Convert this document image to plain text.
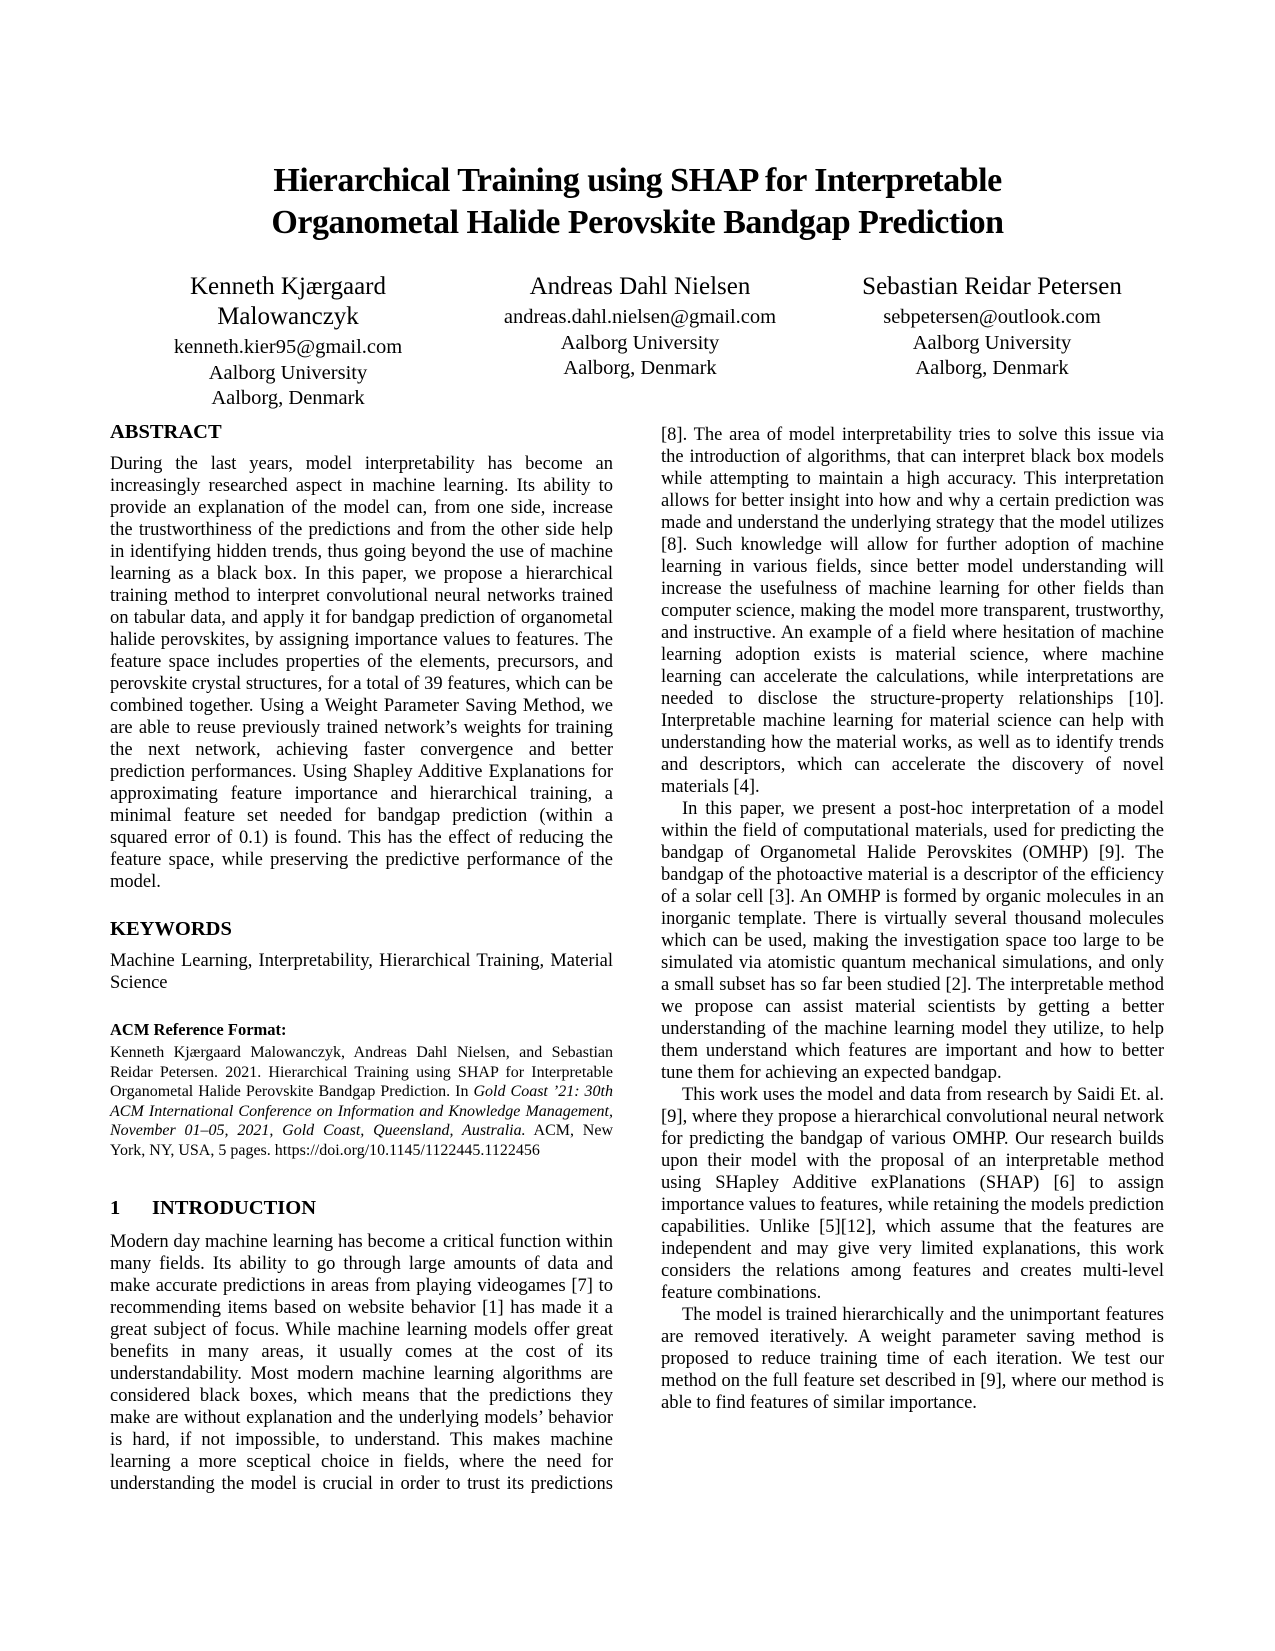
Hierarchical Training using SHAP for Interpretable
Organometal Halide Perovskite Bandgap Prediction
Kenneth Kjærgaard Malowanczyk
kenneth.kier95@gmail.com
Aalborg University
Aalborg, Denmark
Andreas Dahl Nielsen
andreas.dahl.nielsen@gmail.com
Aalborg University
Aalborg, Denmark
Sebastian Reidar Petersen
sebpetersen@outlook.com
Aalborg University
Aalborg, Denmark
ABSTRACT

During the last years, model interpretability has become an increasingly researched aspect in machine learning. Its ability to provide an explanation of the model can, from one side, increase the trustworthiness of the predictions and from the other side help in identifying hidden trends, thus going beyond the use of machine learning as a black box. In this paper, we propose a hierarchical training method to interpret convolutional neural networks trained on tabular data, and apply it for bandgap prediction of organometal halide perovskites, by assigning importance values to features. The feature space includes properties of the elements, precursors, and perovskite crystal structures, for a total of 39 features, which can be combined together. Using a Weight Parameter Saving Method, we are able to reuse previously trained network’s weights for training the next network, achieving faster convergence and better prediction performances. Using Shapley Additive Explanations for approximating feature importance and hierarchical training, a minimal feature set needed for bandgap prediction (within a squared error of 0.1) is found. This has the effect of reducing the feature space, while preserving the predictive performance of the model.

KEYWORDS

Machine Learning, Interpretability, Hierarchical Training, Material Science

ACM Reference Format:

Kenneth Kjærgaard Malowanczyk, Andreas Dahl Nielsen, and Sebastian Reidar Petersen. 2021. Hierarchical Training using SHAP for Interpretable Organometal Halide Perovskite Bandgap Prediction. In Gold Coast ’21: 30th ACM International Conference on Information and Knowledge Management, November 01–05, 2021, Gold Coast, Queensland, Australia. ACM, New York, NY, USA, 5 pages. https://doi.org/10.1145/1122445.1122456

1 INTRODUCTION

Modern day machine learning has become a critical function within many fields. Its ability to go through large amounts of data and make accurate predictions in areas from playing videogames [7] to recommending items based on website behavior [1] has made it a great subject of focus. While machine learning models offer great benefits in many areas, it usually comes at the cost of its understandability. Most modern machine learning algorithms are considered black boxes, which means that the predictions they make are without explanation and the underlying models’ behavior is hard, if not impossible, to understand. This makes machine learning a more sceptical choice in fields, where the need for understanding the model is crucial in order to trust its predictions

[8]. The area of model interpretability tries to solve this issue via the introduction of algorithms, that can interpret black box models while attempting to maintain a high accuracy. This interpretation allows for better insight into how and why a certain prediction was made and understand the underlying strategy that the model utilizes [8]. Such knowledge will allow for further adoption of machine learning in various fields, since better model understanding will increase the usefulness of machine learning for other fields than computer science, making the model more transparent, trustworthy, and instructive. An example of a field where hesitation of machine learning adoption exists is material science, where machine learning can accelerate the calculations, while interpretations are needed to disclose the structure-property relationships [10]. Interpretable machine learning for material science can help with understanding how the material works, as well as to identify trends and descriptors, which can accelerate the discovery of novel materials [4].

In this paper, we present a post-hoc interpretation of a model within the field of computational materials, used for predicting the bandgap of Organometal Halide Perovskites (OMHP) [9]. The bandgap of the photoactive material is a descriptor of the efficiency of a solar cell [3]. An OMHP is formed by organic molecules in an inorganic template. There is virtually several thousand molecules which can be used, making the investigation space too large to be simulated via atomistic quantum mechanical simulations, and only a small subset has so far been studied [2]. The interpretable method we propose can assist material scientists by getting a better understanding of the machine learning model they utilize, to help them understand which features are important and how to better tune them for achieving an expected bandgap.

This work uses the model and data from research by Saidi Et. al. [9], where they propose a hierarchical convolutional neural network for predicting the bandgap of various OMHP. Our research builds upon their model with the proposal of an interpretable method using SHapley Additive exPlanations (SHAP) [6] to assign importance values to features, while retaining the models prediction capabilities. Unlike [5][12], which assume that the features are independent and may give very limited explanations, this work considers the relations among features and creates multi-level feature combinations.

The model is trained hierarchically and the unimportant features are removed iteratively. A weight parameter saving method is proposed to reduce training time of each iteration. We test our method on the full feature set described in [9], where our method is able to find features of similar importance.
